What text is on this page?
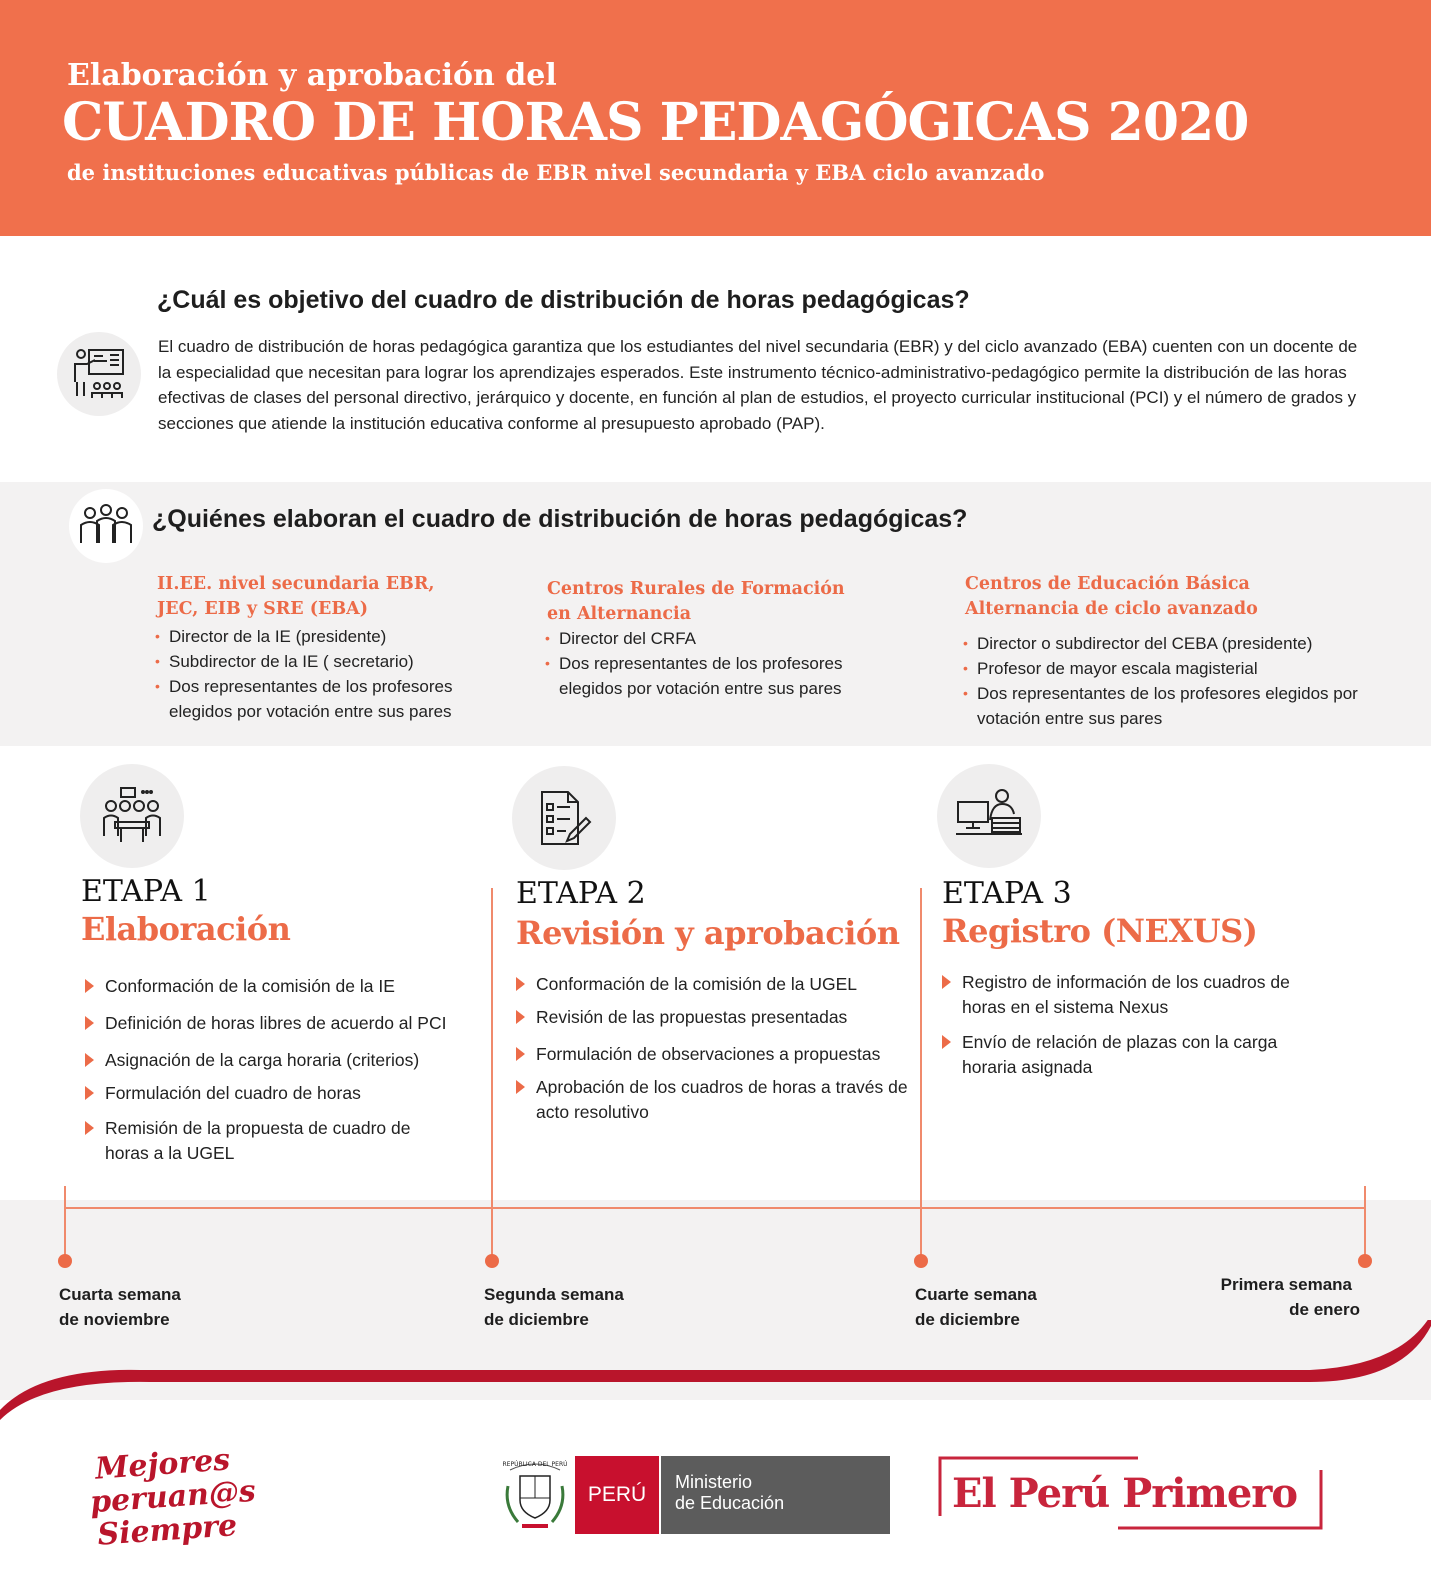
Elaboración y aprobación del
CUADRO DE HORAS PEDAGÓGICAS 2020
de instituciones educativas públicas de EBR nivel secundaria y EBA ciclo avanzado
¿Cuál es objetivo del cuadro de distribución de horas pedagógicas?
El cuadro de distribución de horas pedagógica garantiza que los estudiantes del nivel secundaria (EBR) y del ciclo avanzado (EBA) cuenten con un docente de la especialidad que necesitan para lograr los aprendizajes esperados. Este instrumento técnico-administrativo-pedagógico permite la distribución de las horas efectivas de clases del personal directivo, jerárquico y docente, en función al plan de estudios, el proyecto curricular institucional (PCI) y el número de grados y secciones que atiende la institución educativa conforme al presupuesto aprobado (PAP).
¿Quiénes elaboran el cuadro de distribución de horas pedagógicas?
II.EE. nivel secundaria EBR, JEC, EIB y SRE (EBA)
• Director de la IE (presidente)
• Subdirector de la IE ( secretario)
• Dos representantes de los profesores elegidos por votación entre sus pares
Centros Rurales de Formación en Alternancia
• Director del CRFA
• Dos representantes de los profesores elegidos por votación entre sus pares
Centros de Educación Básica Alternancia de ciclo avanzado
• Director o subdirector del CEBA (presidente)
• Profesor de mayor escala magisterial
• Dos representantes de los profesores elegidos por votación entre sus pares
ETAPA 1
Elaboración
Conformación de la comisión de la IE
Definición de horas libres de acuerdo al PCI
Asignación de la carga horaria (criterios)
Formulación del cuadro de horas
Remisión de la propuesta de cuadro de horas a la UGEL
ETAPA 2
Revisión y aprobación
Conformación de la comisión de la UGEL
Revisión de las propuestas presentadas
Formulación de observaciones a propuestas
Aprobación de los cuadros de horas a través de acto resolutivo
ETAPA 3
Registro (NEXUS)
Registro de información de los cuadros de horas en el sistema Nexus
Envío de relación de plazas con la carga horaria asignada
Cuarta semana
de noviembre
Segunda semana
de diciembre
Cuarte semana
de diciembre
Primera semana
de enero
Mejores
peruan@s
Siempre
REPÚBLICA DEL PERÚ
PERÚ
Ministerio
de Educación	El Perú Primero
